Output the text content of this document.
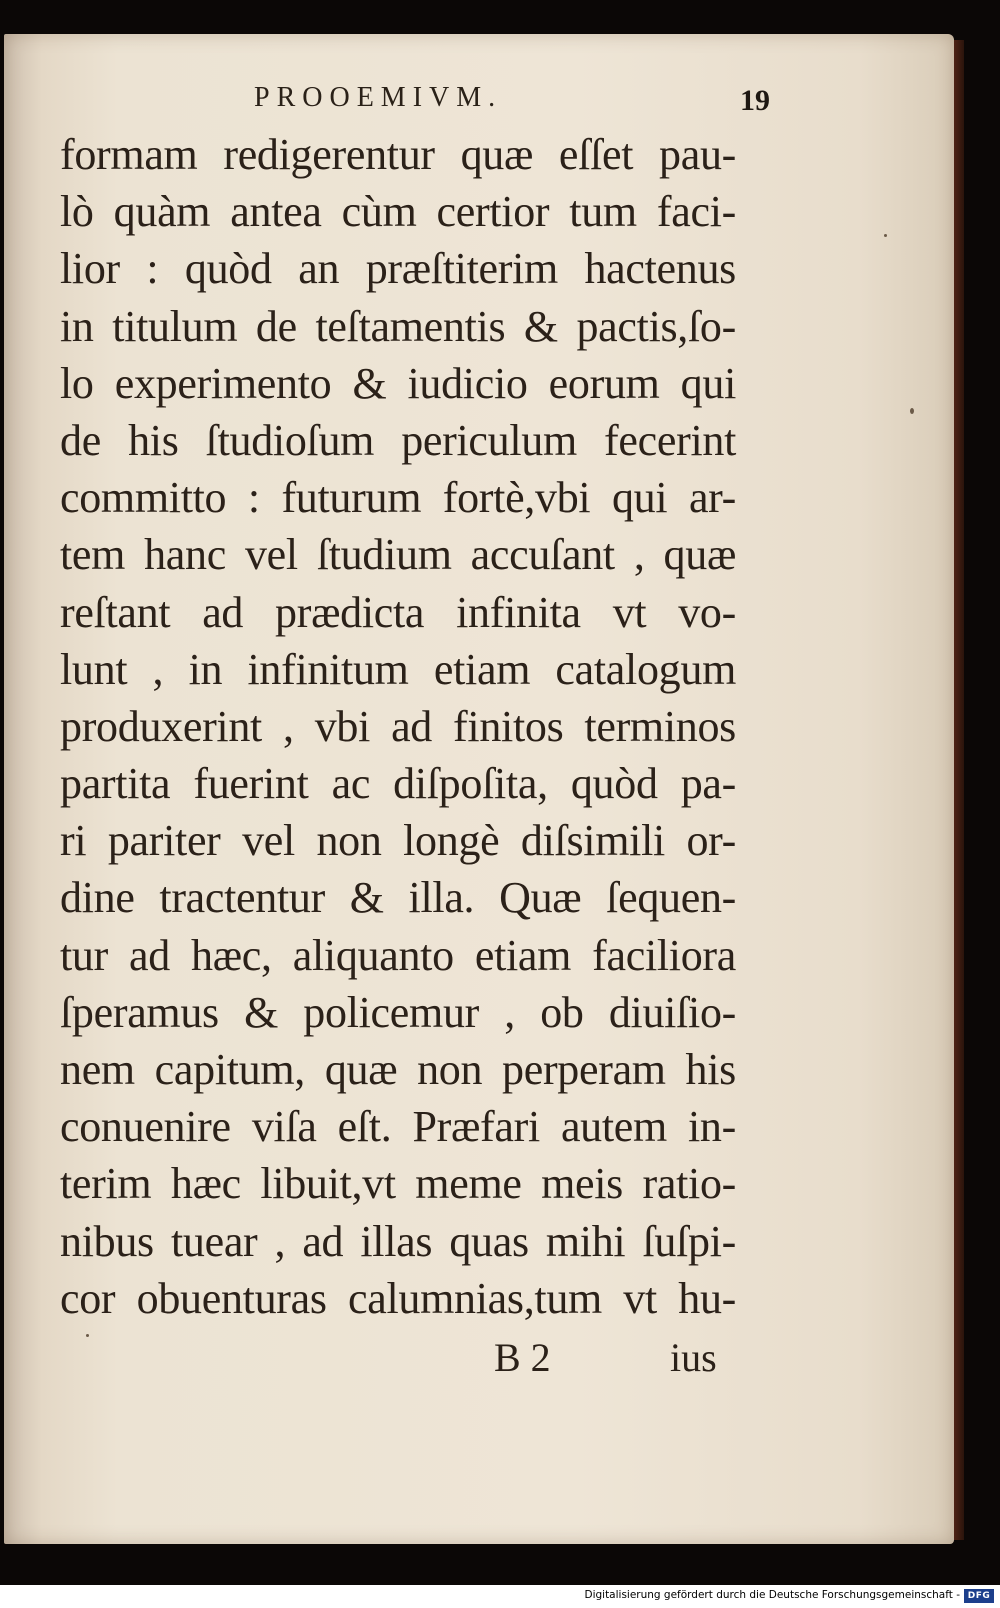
PROOEMIVM.	19
formam redigerentur quæ eſſet pau-
lò quàm antea cùm certior tum faci-
lior : quòd an præſtiterim hactenus
in titulum de teſtamentis & pactis,ſo-
lo experimento & iudicio eorum qui
de his ſtudioſum periculum fecerint
committo : futurum fortè,vbi qui ar-
tem hanc vel ſtudium accuſant , quæ
reſtant ad prædicta infinita vt vo-
lunt , in infinitum etiam catalogum
produxerint , vbi ad finitos terminos
partita fuerint ac diſpoſita, quòd pa-
ri pariter vel non longè diſsimili or-
dine tractentur & illa. Quæ ſequen-
tur ad hæc, aliquanto etiam faciliora
ſperamus & policemur , ob diuiſio-
nem capitum, quæ non perperam his
conuenire viſa eſt. Præfari autem in-
terim hæc libuit,vt meme meis ratio-
nibus tuear , ad illas quas mihi ſuſpi-
cor obuenturas calumnias,tum vt hu-
B 2	ius
Digitalisierung gefördert durch die Deutsche Forschungsgemeinschaft - DFG
